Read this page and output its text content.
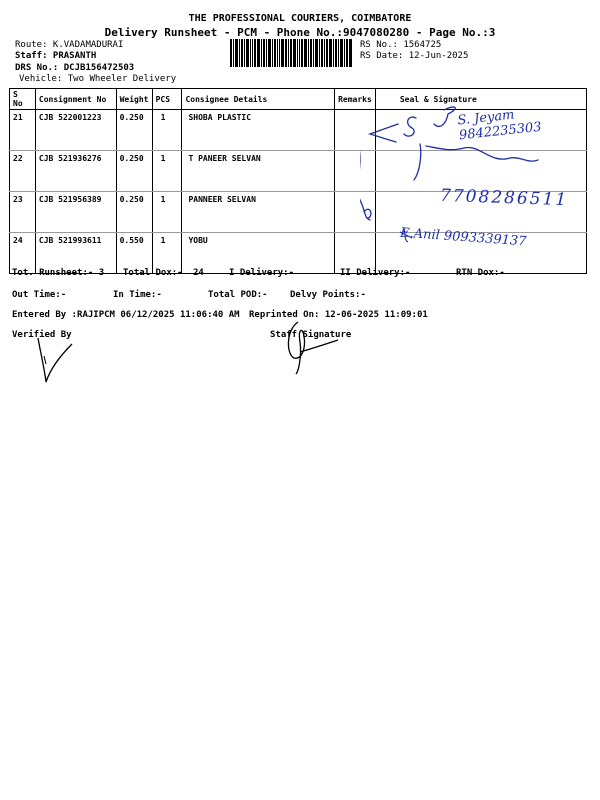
THE PROFESSIONAL COURIERS, COIMBATORE
Delivery Runsheet - PCM - Phone No.:9047080280 - Page No.:3
Route: K.VADAMADURAI
Staff: PRASANTH
DRS No.: DCJB156472503
Vehicle: Two Wheeler Delivery
RS No.: 1564725
RS Date: 12-Jun-2025
S No	Consignment No	Weight	PCS	Consignee Details	Remarks	Seal & Signature
21	CJB 522001223	0.250	1	SHOBA PLASTIC		
22	CJB 521936276	0.250	1	T PANEER SELVAN		
23	CJB 521956389	0.250	1	PANNEER SELVAN		
24	CJB 521993611	0.550	1	YOBU		
S. Jeyam 9842235303
7708286511
E.Anil 9093339137
Tot. Runsheet:- 3 Total Dox:- 24	I Delivery:-	II Delivery:-	RTN Dox:-
Out Time:-	In Time:-	Total POD:- Delvy Points:-
Entered By :RAJIPCM 06/12/2025 11:06:40 AM Reprinted On: 12-06-2025 11:09:01
Verified By	Staff Signature
